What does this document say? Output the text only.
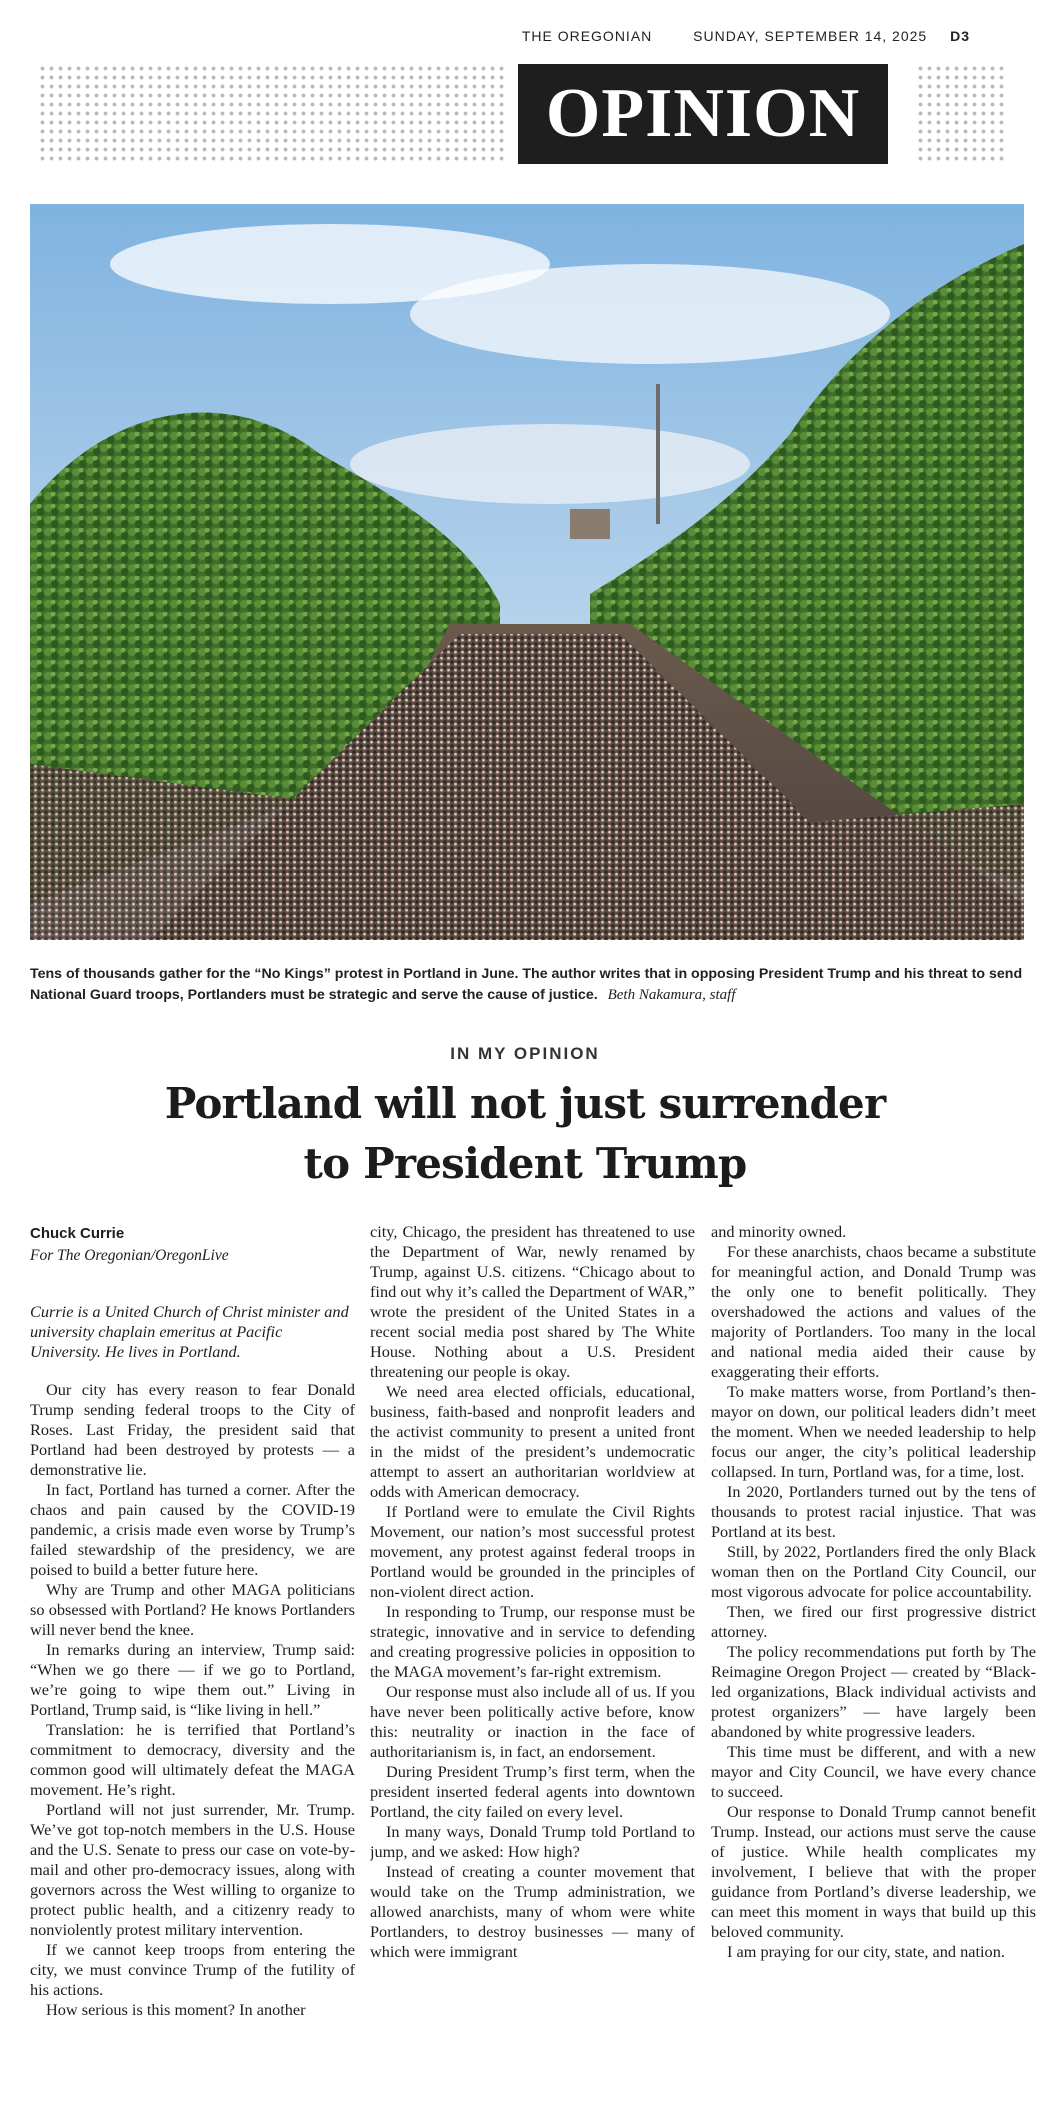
THE OREGONIAN	SUNDAY, SEPTEMBER 14, 2025 D3
OPINION
Tens of thousands gather for the “No Kings” protest in Portland in June. The author writes that in opposing President Trump and his threat to send National Guard troops, Portlanders must be strategic and serve the cause of justice. Beth Nakamura, staff
IN MY OPINION
Portland will not just surrender
to President Trump

Chuck Currie

For The Oregonian/OregonLive

Currie is a United Church of Christ minister and university chaplain emeritus at Pacific University. He lives in Portland.

Our city has every reason to fear Donald Trump sending federal troops to the City of Roses. Last Friday, the president said that Portland had been destroyed by protests — a demonstrative lie.

In fact, Portland has turned a corner. After the chaos and pain caused by the COVID-19 pandemic, a crisis made even worse by Trump’s failed stewardship of the presidency, we are poised to build a better future here.

Why are Trump and other MAGA politicians so obsessed with Portland? He knows Portlanders will never bend the knee.

In remarks during an interview, Trump said: “When we go there — if we go to Portland, we’re going to wipe them out.” Living in Portland, Trump said, is “like living in hell.”

Translation: he is terrified that Portland’s commitment to democracy, diversity and the common good will ultimately defeat the MAGA movement. He’s right.

Portland will not just surrender, Mr. Trump. We’ve got top-notch members in the U.S. House and the U.S. Senate to press our case on vote-by-mail and other pro-democracy issues, along with governors across the West willing to organize to protect public health, and a citizenry ready to nonviolently protest military intervention.

If we cannot keep troops from entering the city, we must convince Trump of the futility of his actions.

How serious is this moment? In another

city, Chicago, the president has threatened to use the Department of War, newly renamed by Trump, against U.S. citizens. “Chicago about to find out why it’s called the Department of WAR,” wrote the president of the United States in a recent social media post shared by The White House. Nothing about a U.S. President threatening our people is okay.

We need area elected officials, educational, business, faith-based and nonprofit leaders and the activist community to present a united front in the midst of the president’s undemocratic attempt to assert an authoritarian worldview at odds with American democracy.

If Portland were to emulate the Civil Rights Movement, our nation’s most successful protest movement, any protest against federal troops in Portland would be grounded in the principles of non-violent direct action.

In responding to Trump, our response must be strategic, innovative and in service to defending and creating progressive policies in opposition to the MAGA movement’s far-right extremism.

Our response must also include all of us. If you have never been politically active before, know this: neutrality or inaction in the face of authoritarianism is, in fact, an endorsement.

During President Trump’s first term, when the president inserted federal agents into downtown Portland, the city failed on every level.

In many ways, Donald Trump told Portland to jump, and we asked: How high?

Instead of creating a counter movement that would take on the Trump administration, we allowed anarchists, many of whom were white Portlanders, to destroy businesses — many of which were immigrant

and minority owned.

For these anarchists, chaos became a substitute for meaningful action, and Donald Trump was the only one to benefit politically. They overshadowed the actions and values of the majority of Portlanders. Too many in the local and national media aided their cause by exaggerating their efforts.

To make matters worse, from Portland’s then-mayor on down, our political leaders didn’t meet the moment. When we needed leadership to help focus our anger, the city’s political leadership collapsed. In turn, Portland was, for a time, lost.

In 2020, Portlanders turned out by the tens of thousands to protest racial injustice. That was Portland at its best.

Still, by 2022, Portlanders fired the only Black woman then on the Portland City Council, our most vigorous advocate for police accountability.

Then, we fired our first progressive district attorney.

The policy recommendations put forth by The Reimagine Oregon Project — created by “Black-led organizations, Black individual activists and protest organizers” — have largely been abandoned by white progressive leaders.

This time must be different, and with a new mayor and City Council, we have every chance to succeed.

Our response to Donald Trump cannot benefit Trump. Instead, our actions must serve the cause of justice. While health complicates my involvement, I believe that with the proper guidance from Portland’s diverse leadership, we can meet this moment in ways that build up this beloved community.

I am praying for our city, state, and nation.
